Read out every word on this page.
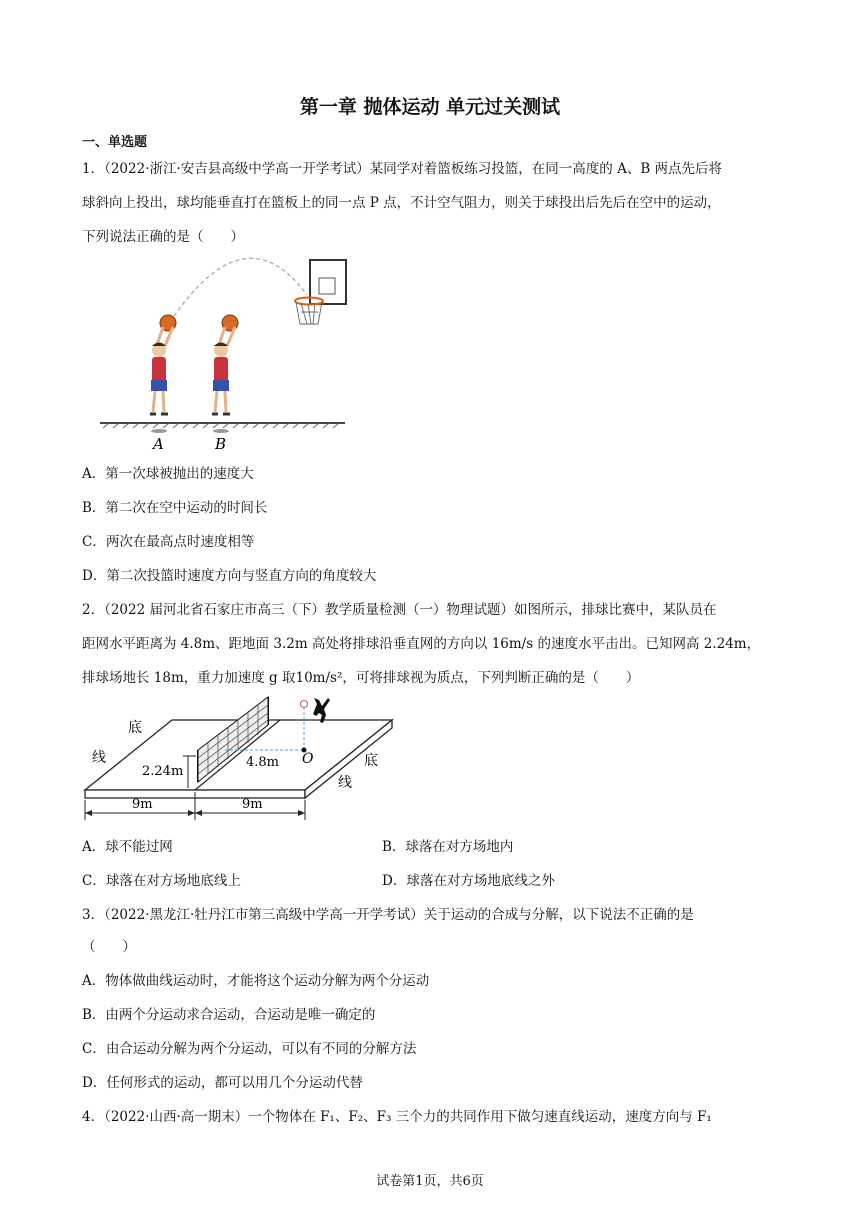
第一章 抛体运动 单元过关测试
一、单选题
1．（2022·浙江·安吉县高级中学高一开学考试）某同学对着篮板练习投篮，在同一高度的 A、B 两点先后将
球斜向上投出，球均能垂直打在篮板上的同一点 P 点，不计空气阻力，则关于球投出后先后在空中的运动，
下列说法正确的是（　　）
A	B
A．第一次球被抛出的速度大
B．第二次在空中运动的时间长
C．两次在最高点时速度相等
D．第二次投篮时速度方向与竖直方向的角度较大
2．（2022 届河北省石家庄市高三（下）教学质量检测（一）物理试题）如图所示，排球比赛中，某队员在
距网水平距离为 4.8m、距地面 3.2m 高处将排球沿垂直网的方向以 16m/s 的速度水平击出。已知网高 2.24m，
排球场地长 18m，重力加速度 g 取10m/s²，可将排球视为质点，下列判断正确的是（　　）
底
线	底
线
2.24m
4.8m O
9m	9m
A．球不能过网	B．球落在对方场地内
C．球落在对方场地底线上	D．球落在对方场地底线之外
3．（2022·黑龙江·牡丹江市第三高级中学高一开学考试）关于运动的合成与分解，以下说法不正确的是
（　　）
A．物体做曲线运动时，才能将这个运动分解为两个分运动
B．由两个分运动求合运动，合运动是唯一确定的
C．由合运动分解为两个分运动，可以有不同的分解方法
D．任何形式的运动，都可以用几个分运动代替
4．（2022·山西·高一期末）一个物体在 F₁、F₂、F₃ 三个力的共同作用下做匀速直线运动，速度方向与 F₁
试卷第1页，共6页
